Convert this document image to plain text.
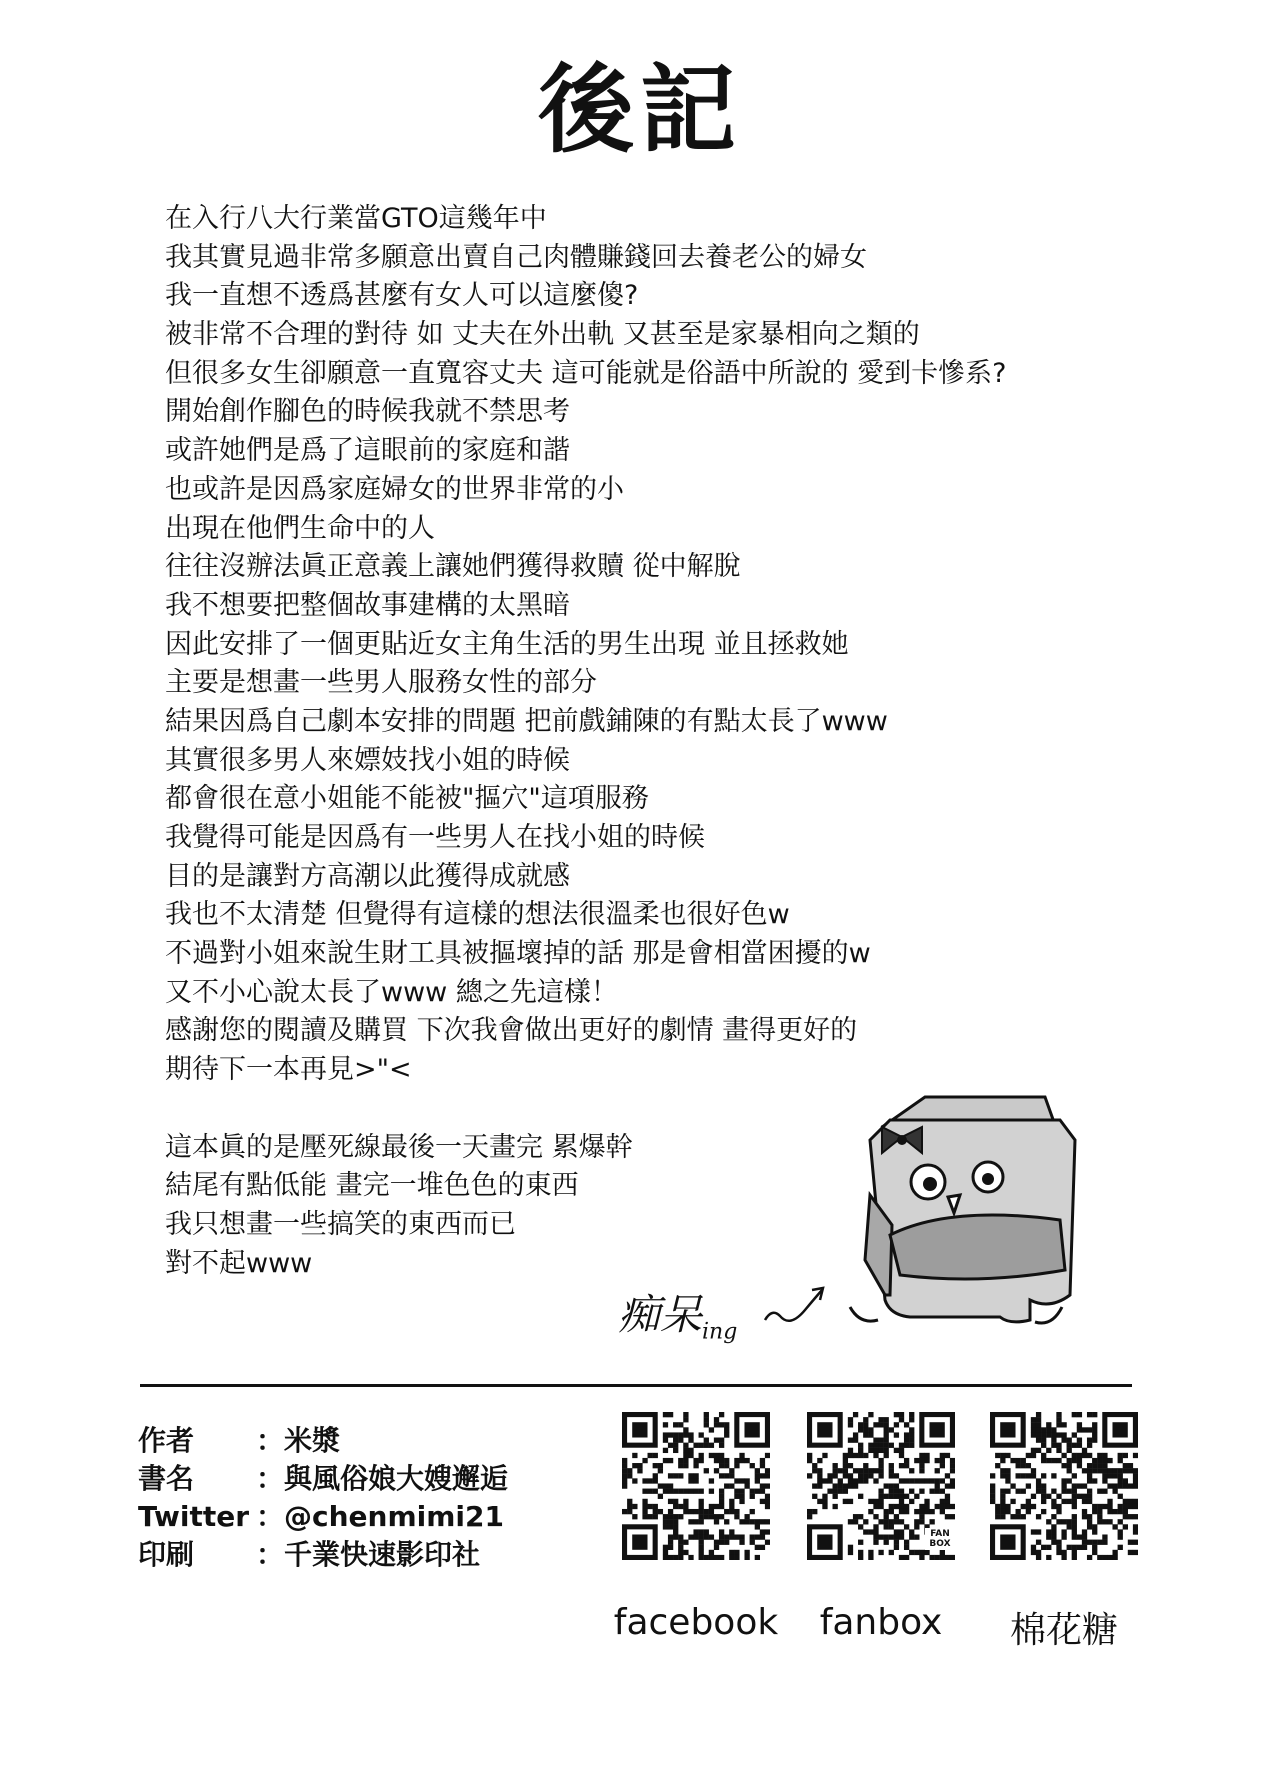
後記
在入行八大行業當GTO這幾年中
我其實見過非常多願意出賣自己肉體賺錢回去養老公的婦女
我一直想不透爲甚麼有女人可以這麼傻?
被非常不合理的對待 如 丈夫在外出軌 又甚至是家暴相向之類的
但很多女生卻願意一直寬容丈夫 這可能就是俗語中所說的 愛到卡慘系?
開始創作腳色的時候我就不禁思考
或許她們是爲了這眼前的家庭和諧
也或許是因爲家庭婦女的世界非常的小
出現在他們生命中的人
往往沒辦法眞正意義上讓她們獲得救贖 從中解脫
我不想要把整個故事建構的太黑暗
因此安排了一個更貼近女主角生活的男生出現 並且拯救她
主要是想畫一些男人服務女性的部分
結果因爲自己劇本安排的問題 把前戲鋪陳的有點太長了www
其實很多男人來嫖妓找小姐的時候
都會很在意小姐能不能被"摳穴"這項服務
我覺得可能是因爲有一些男人在找小姐的時候
目的是讓對方高潮以此獲得成就感
我也不太清楚 但覺得有這樣的想法很溫柔也很好色w
不過對小姐來說生財工具被摳壞掉的話 那是會相當困擾的w
又不小心說太長了www 總之先這樣！
感謝您的閱讀及購買 下次我會做出更好的劇情 畫得更好的
期待下一本再見>"<
這本眞的是壓死線最後一天畫完 累爆幹
結尾有點低能 畫完一堆色色的東西
我只想畫一些搞笑的東西而已
對不起www
痴呆$_{ing}$
作者	： 米漿
書名	： 與風俗娘大嫂邂逅
Twitter ： @chenmimi21
印刷	： 千業快速影印社
facebook
FAN BOX
fanbox	棉花糖
